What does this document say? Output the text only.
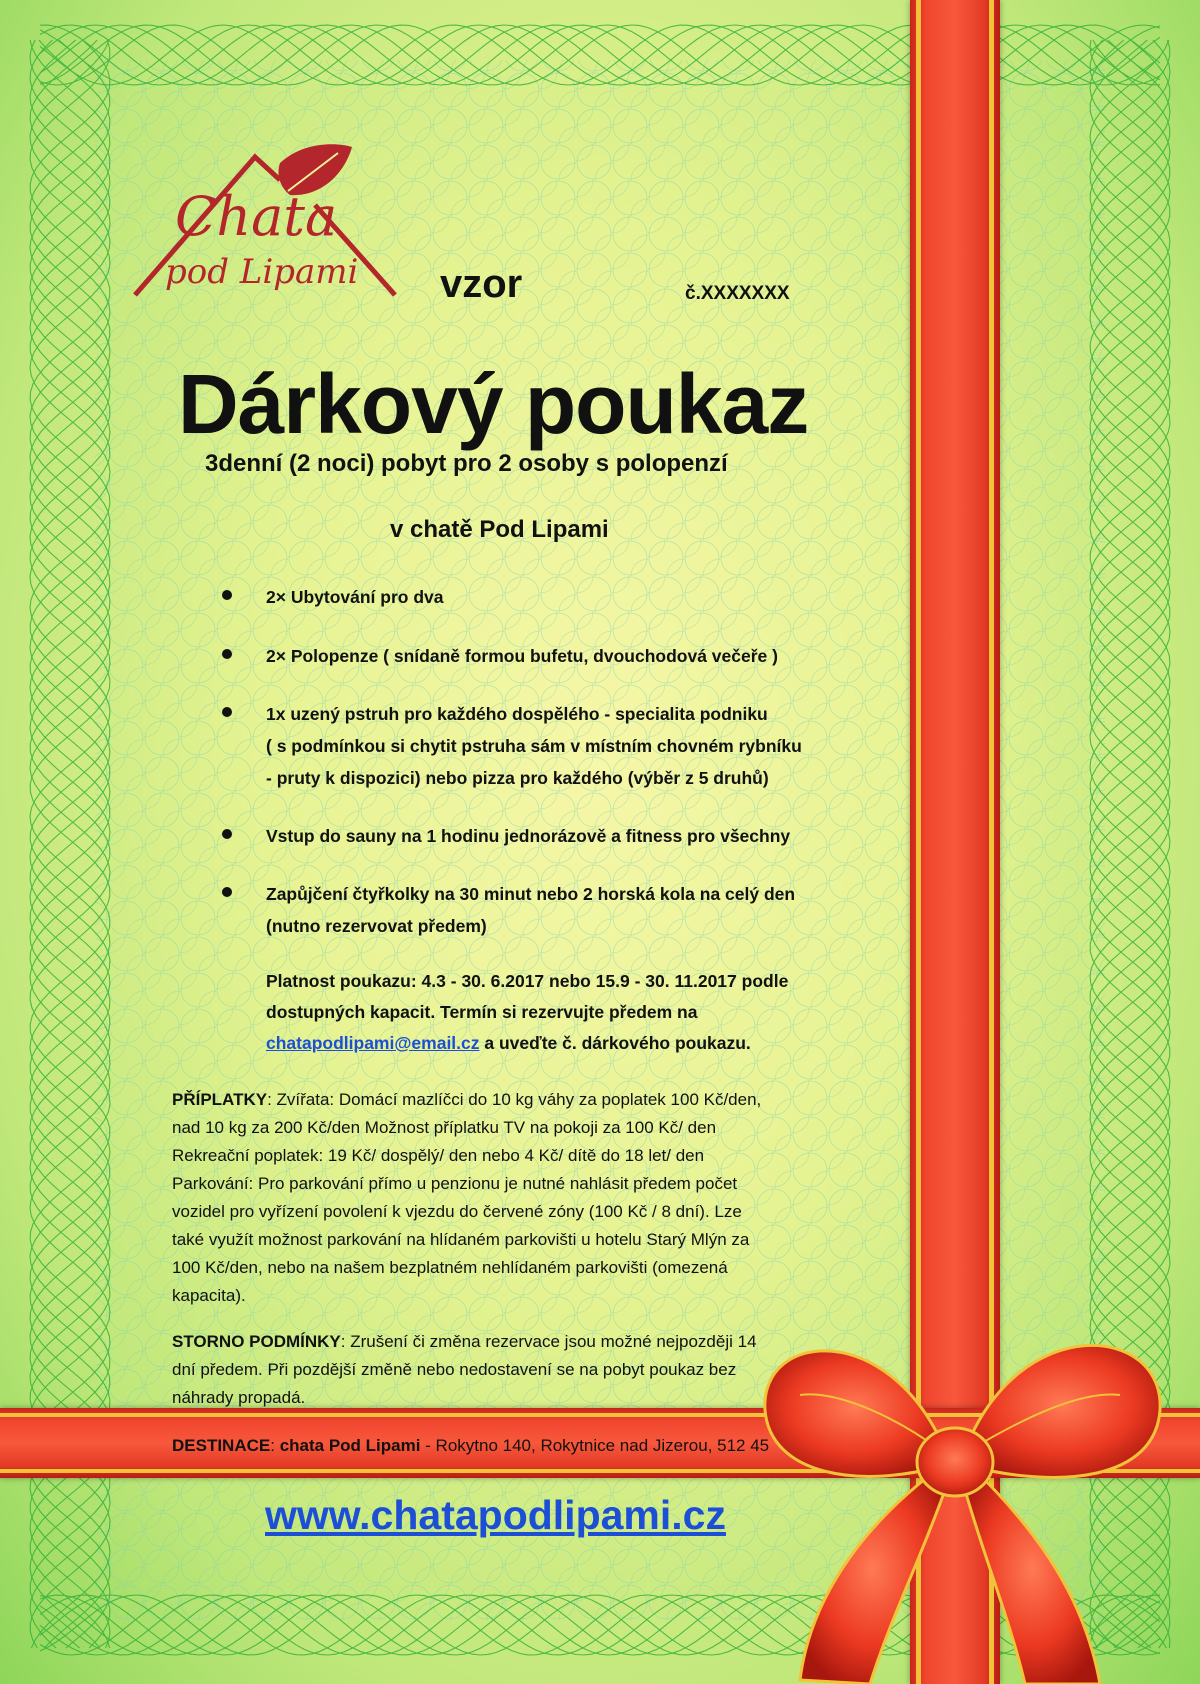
Chata
pod Lipami vzor	č.XXXXXXX
Dárkový poukaz
3denní (2 noci) pobyt pro 2 osoby s polopenzí
v chatě Pod Lipami
2× Ubytování pro dva
2× Polopenze ( snídaně formou bufetu, dvouchodová večeře )
1x uzený pstruh pro každého dospělého - specialita podniku
( s podmínkou si chytit pstruha sám v místním chovném rybníku
- pruty k dispozici) nebo pizza pro každého (výběr z 5 druhů)
Vstup do sauny na 1 hodinu jednorázově a fitness pro všechny
Zapůjčení čtyřkolky na 30 minut nebo 2 horská kola na celý den
(nutno rezervovat předem)
Platnost poukazu: 4.3 - 30. 6.2017 nebo 15.9 - 30. 11.2017 podle
dostupných kapacit. Termín si rezervujte předem na
chatapodlipami@email.cz a uveďte č. dárkového poukazu.
PŘÍPLATKY: Zvířata: Domácí mazlíčci do 10 kg váhy za poplatek 100 Kč/den,
nad 10 kg za 200 Kč/den Možnost příplatku TV na pokoji za 100 Kč/ den
Rekreační poplatek: 19 Kč/ dospělý/ den nebo 4 Kč/ dítě do 18 let/ den
Parkování: Pro parkování přímo u penzionu je nutné nahlásit předem počet
vozidel pro vyřízení povolení k vjezdu do červené zóny (100 Kč / 8 dní). Lze
také využít možnost parkování na hlídaném parkovišti u hotelu Starý Mlýn za
100 Kč/den, nebo na našem bezplatném nehlídaném parkovišti (omezená
kapacita).
STORNO PODMÍNKY: Zrušení či změna rezervace jsou možné nejpozději 14
dní předem. Při pozdější změně nebo nedostavení se na pobyt poukaz bez
náhrady propadá.
DESTINACE: chata Pod Lipami - Rokytno 140, Rokytnice nad Jizerou, 512 45
www.chatapodlipami.cz
